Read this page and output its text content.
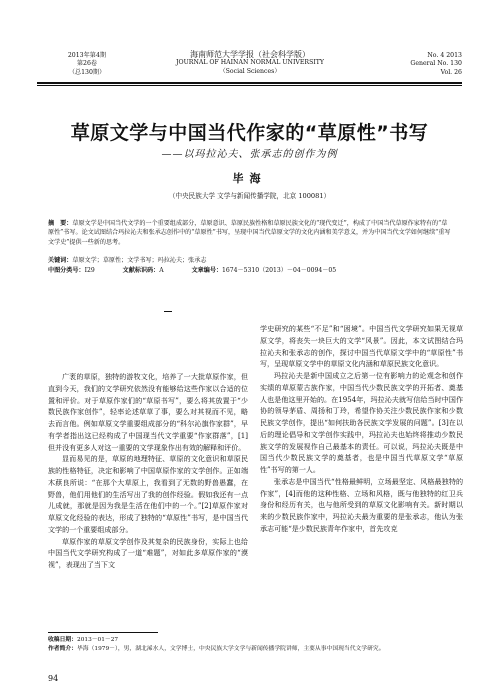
2013年第4期
第26卷
（总130期）
海南师范大学学报（社会科学版）
JOURNAL OF HAINAN NORMAL UNIVERSITY
（Social Sciences）
No. 4 2013
General No. 130
Vol. 26
草原文学与中国当代作家的“草原性”书写
——以玛拉沁夫、张承志的创作为例
毕海
（中央民族大学 文学与新闻传播学院，北京 100081）
摘　要：草原文学是中国当代文学的一个重要组成部分，草原意识、草原民族性格和草原民族文化的“现代变迁”，构成了中国当代草原作家特有的“草原性”书写。论文试图结合玛拉沁夫和张承志创作中的“草原性”书写，呈现中国当代草原文学的文化内涵和美学意义，并为中国当代文学如何继续“重写文学史”提供一些新的思考。
关键词：草原文学；草原性；文学书写；玛拉沁夫；张承志
中图分类号：I29	文献标识码：A	文章编号：1674－5310（2013）－04－0094－05

广袤的草原，独特的游牧文化，培养了一大批草原作家，但直到今天，我们的文学研究依然没有能够给这些作家以合适的位置和评价。对于草原作家们的“草原书写”，要么将其放置于“少数民族作家创作”，轻率论述草草了事，要么对其视而不见，略去而言他。例如草原文学重要组成部分的“科尔沁旗作家群”，早有学者指出这已经构成了中国现当代文学重要“作家群落”，[1]但并没有更多人对这一重要的文学现象作出有效的解释和评价。

显而易见的是，草原的地理特征、草原的文化意识和草原民族的性格特征，决定和影响了中国草原作家的文学创作。正如端木蕻良所说：“在那个大草原上，我看到了无数的野兽愚蠢，在野兽，他们用他们的生活写出了我的创作经验。假如我还有一点儿成就，那就是因为我是生活在他们中的一个。”[2]草原作家对草原文化经验的表达，形成了独特的“草原性”书写，是中国当代文学的一个重要组成部分。

草原作家的草原文学创作及其复杂的民族身份，实际上也给中国当代文学研究构成了一道“难题”，对如此多草原作家的“漠视”，表现出了当下文

学史研究的某些“不足”和“困境”。中国当代文学研究如果无视草原文学，将丧失一块巨大的文学“风景”。因此，本文试图结合玛拉沁夫和张承志的创作，探讨中国当代草原文学中的“草原性”书写，呈现草原文学中的草原文化内涵和草原民族文化意识。

玛拉沁夫是新中国成立之后第一位有影响力的论观念和创作实绩的草原蒙古族作家，中国当代少数民族文学的开拓者、奠基人也是他这里开始的。在1954年，玛拉沁夫就写信给当时中国作协的领导茅盾、周扬和丁玲，希望作协关注少数民族作家和少数民族文学创作，提出“如何扶助各民族文学发展的问题”。[3]在以后的理论倡导和文学创作实践中，玛拉沁夫也始终将推动少数民族文学的发展视作自己最基本的责任。可以说，玛拉沁夫既是中国当代少数民族文学的奠基者，也是中国当代草原文学“草原性”书写的第一人。

张承志是中国当代“性格最鲜明，立场最坚定、风格最独特的作家”，[4]而他的这种性格、立场和风格，既与他独特的红卫兵身份和经历有关，也与他所受到的草原文化影响有关。新时期以来的少数民族作家中，玛拉沁夫最为重要的是张承志，他认为张承志可能“是少数民族青年作家中，首先攻克

收稿日期：2013－01－27
作者简介：毕海（1979－），男，湖北浠水人，文学博士，中央民族大学文学与新闻传播学院讲师，主要从事中国现当代文学研究。
94
